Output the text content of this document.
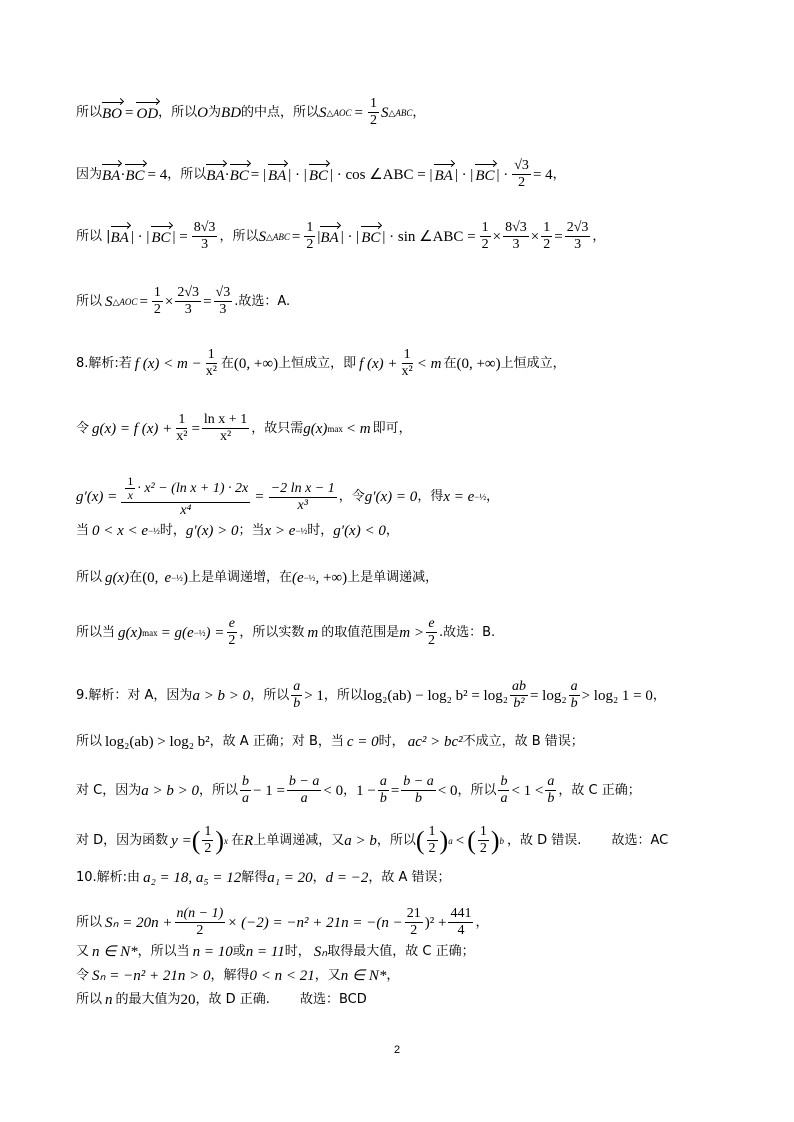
所以 BO = OD ，所以 O 为 BD 的中点，所以 S △AOC = $\frac{1}{2}$ S △ABC ，
因为 BA · BC = 4 ，所以 BA · BC = | BA | · | BC | · cos ∠ABC = | BA | · | BC | · $\frac{√3}{2} = 4$ ，
所以 | BA | · | BC | = $\frac{8√3}{3}$ ，所以 S △ABC = $\frac{1}{2}$ | BA | · | BC | · sin ∠ABC = $\frac{1}{2} \times \frac{8√3}{3} \times \frac{1}{2} = \frac{2√3}{3}$ ，
所以 S △AOC = $\frac{1}{2} \times \frac{2√3}{3} = \frac{√3}{3}$ .故选：A.
8.解析:若 f $(x) < m - \frac{1}{\text{x²}}$ 在 (0, +∞) 上恒成立，即 f $(x) + \frac{1}{\text{x²}} < m$ 在 (0, +∞) 上恒成立，
令 g(x) = f $(x) + \frac{1}{\text{x²}} = \frac{\text{ln x + 1}}{\text{x²}}$ ，故只需 g(x) max < m 即可，
$g'(x) = \frac{\frac{1}{x} \cdot x^2 - (\ln x + 1) \cdot 2x}{\text{x⁴}} = \frac{\text{−2 ln x − 1}}{\text{x³}}$ ，令 g′(x) = 0 ，得 x = e −½ ，
当 0 < x < e −½ 时， g′(x) > 0 ；当 x > e −½ 时， g′(x) < 0 ，
所以 g(x) 在 (0, e −½ ) 上是单调递增，在 (e −½ , +∞) 上是单调递减，
所以当 g(x) max = g(e −½ ) = $\frac{e}{2}$ ，所以实数 m 的取值范围是 $m > \frac{e}{2}$ .故选：B.
9.解析：对 A，因为 a > b > 0 ，所以 $\frac{a}{b} > 1$ ，所以 log₂(ab) − log₂ $b^2 = \log_2 \frac{ab}{\text{b²}} = \log_2 \frac{a}{b} > \log_2$ 1 = 0 ，
所以 log₂(ab) > log₂ b² ，故 A 正确；对 B，当 c = 0 时， ac² > bc² 不成立，故 B 错误；
对 C，因为 a > b > 0 ，所以 $\frac{b}{a} - 1 = \frac{b - a}{a} < 0$ ， $1 - \frac{a}{b} = \frac{b - a}{b} < 0$ ，所以 $\frac{b}{a} < 1 < \frac{a}{b}$ ，故 C 正确；
对 D，因为函数 y = ( $\frac{1}{2}$ ) x 在 R 上单调递减，又 a > b ，所以 ( $\frac{1}{2}$ ) a < ( $\frac{1}{2}$ ) b ，故 D 错误. 故选：AC
10.解析:由 a₂ = 18, a₅ = 12 解得 a₁ = 20 ， d = −2 ，故 A 错误；
所以 $S_n = 20n + \frac{n(n - 1)}{2} \times (-2) = -n^2 + 21n = -(n - \frac{21}{2} )^2 + \frac{441}{4}$ ，
又 n ∈ N* ，所以当 n = 10 或 n = 11 时， Sₙ 取得最大值，故 C 正确；
令 Sₙ = −n² + 21n > 0 ，解得 0 < n < 21 ，又 n ∈ N* ，
所以 n 的最大值为 20 ，故 D 正确. 故选：BCD
2
